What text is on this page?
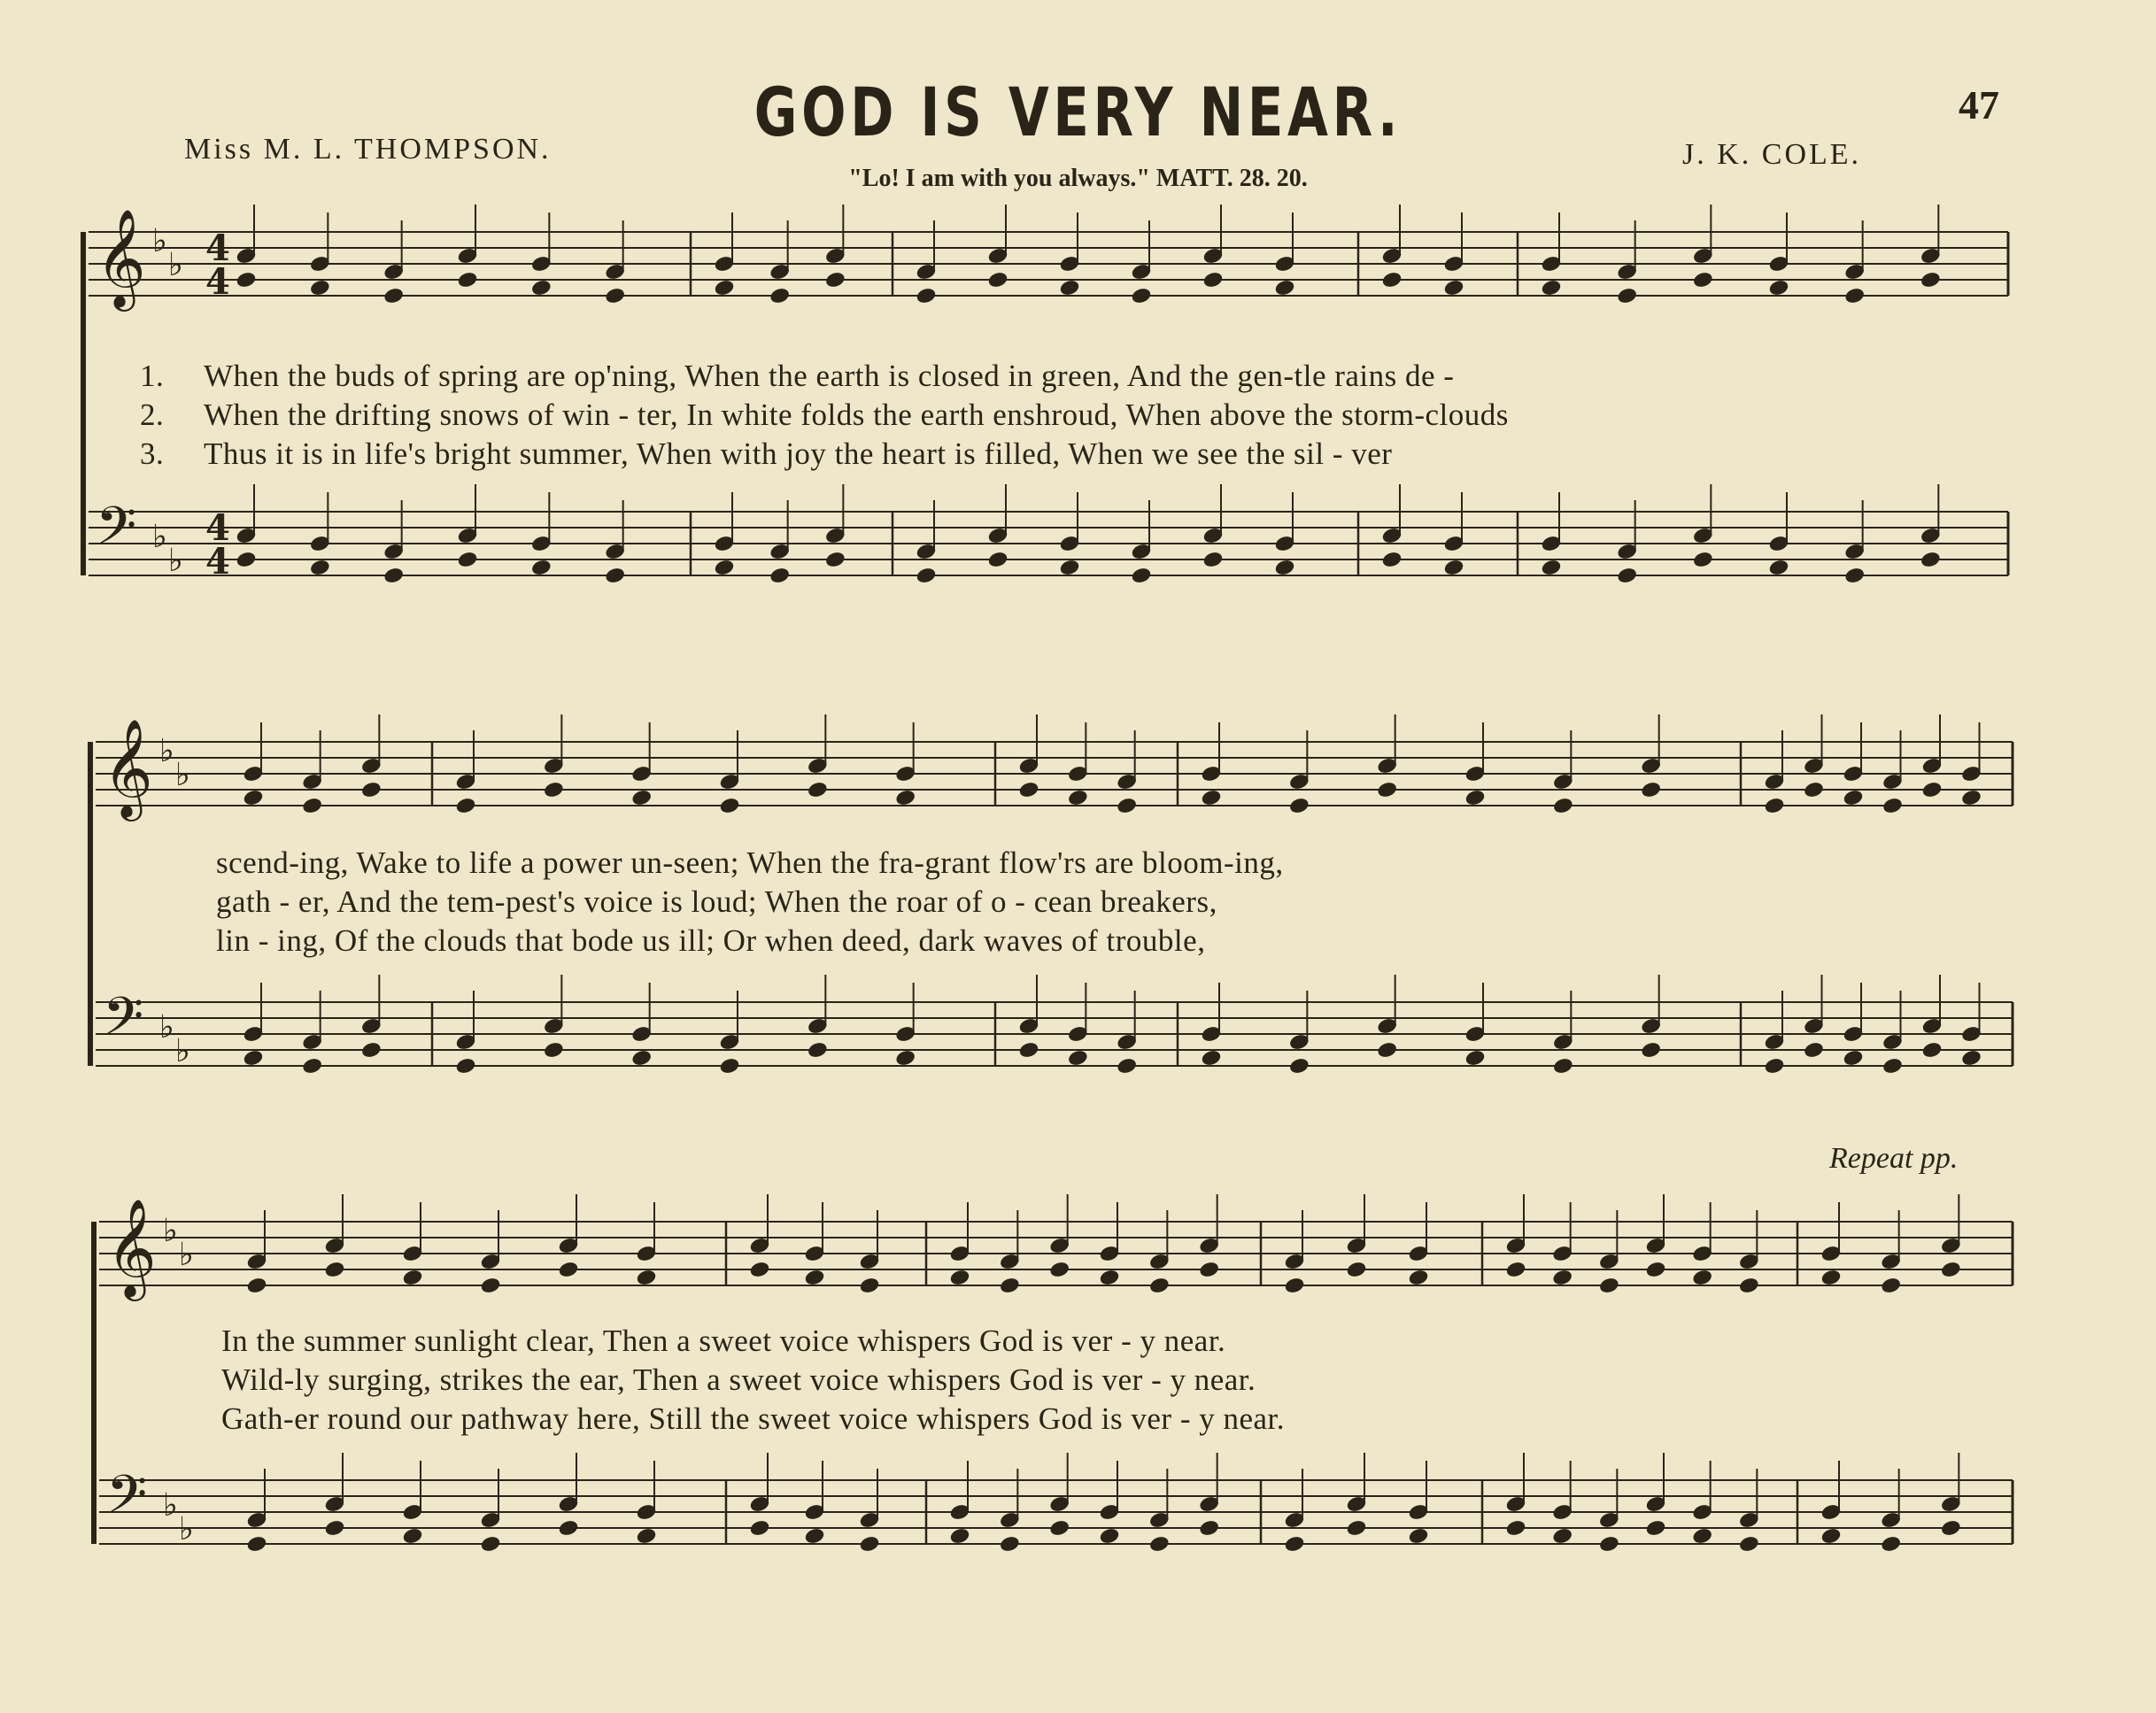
GOD IS VERY NEAR.
Miss M. L. THOMPSON.	J. K. COLE.
47
"Lo! I am with you always." MATT. 28. 20.
Repeat pp.
𝄞 ♭
♭
𝄢 ♭
♭
𝄞 ♭
♭
𝄢 ♭
♭
𝄞 ♭
♭
𝄢 ♭
♭
4
4
4
4
1. When the buds of spring are op'ning, When the earth is closed in green, And the gen-tle rains de -
2. When the drifting snows of win - ter, In white folds the earth enshroud, When above the storm-clouds
3. Thus it is in life's bright summer, When with joy the heart is filled, When we see the sil - ver
scend-ing, Wake to life a power un-seen; When the fra-grant flow'rs are bloom-ing,
gath - er, And the tem-pest's voice is loud; When the roar of o - cean breakers,
lin - ing, Of the clouds that bode us ill; Or when deed, dark waves of trouble,
In the summer sunlight clear, Then a sweet voice whispers God is ver - y near.
Wild-ly surging, strikes the ear, Then a sweet voice whispers God is ver - y near.
Gath-er round our pathway here, Still the sweet voice whispers God is ver - y near.
